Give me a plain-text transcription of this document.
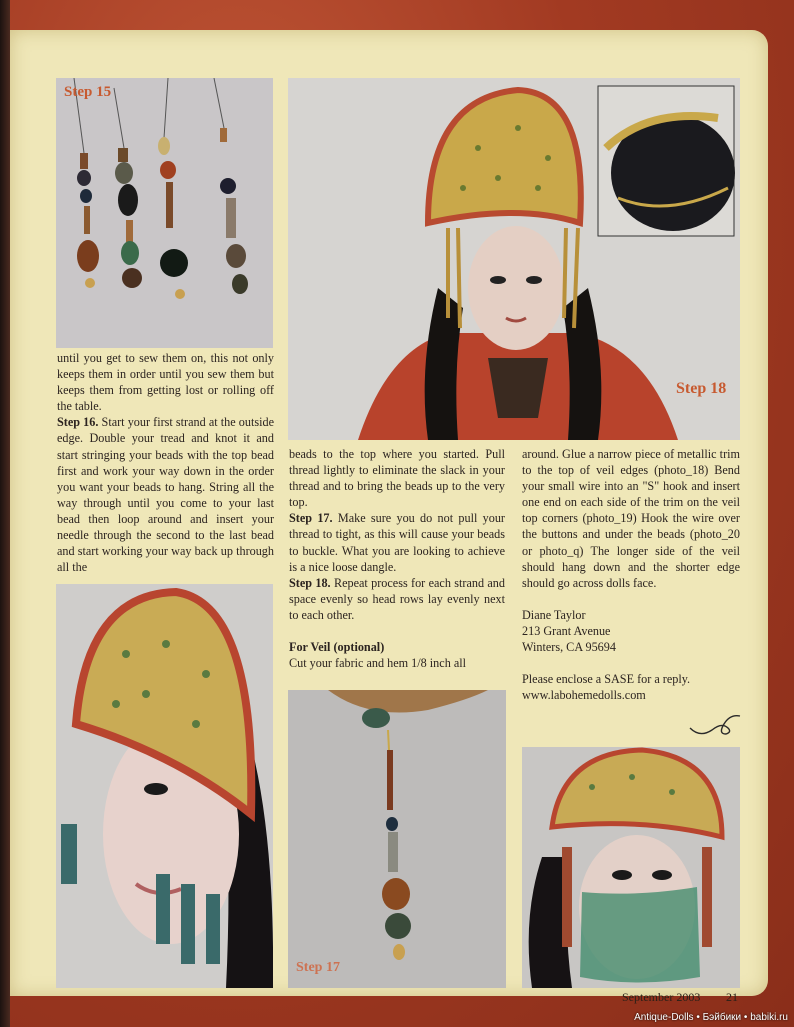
Step 15
Step 18
Step 17

until you get to sew them on, this not only keeps them in order until you sew them but keeps them from getting lost or rolling off the table.

Step 16. Start your first strand at the outside edge. Double your tread and knot it and start stringing your beads with the top bead first and work your way down in the order you want your beads to hang. String all the way through until you come to your last bead then loop around and insert your needle through the second to the last bead and start working your way back up through all the

beads to the top where you started. Pull thread lightly to eliminate the slack in your thread and to bring the beads up to the very top.

Step 17. Make sure you do not pull your thread to tight, as this will cause your beads to buckle. What you are looking to achieve is a nice loose dangle.

Step 18. Repeat process for each strand and space evenly so head rows lay evenly next to each other.

For Veil (optional)

Cut your fabric and hem 1/8 inch all

around. Glue a narrow piece of metallic trim to the top of veil edges (photo_18) Bend your small wire into an "S" hook and insert one end on each side of the trim on the veil top corners (photo_19) Hook the wire over the buttons and under the beads (photo_20 or photo_q) The longer side of the veil should hang down and the shorter edge should go across dolls face.

Diane Taylor

213 Grant Avenue

Winters, CA 95694

Please enclose a SASE for a reply.

www.labohemedolls.com

September 2003 21
Antique-Dolls • Бэйбики • babiki.ru
